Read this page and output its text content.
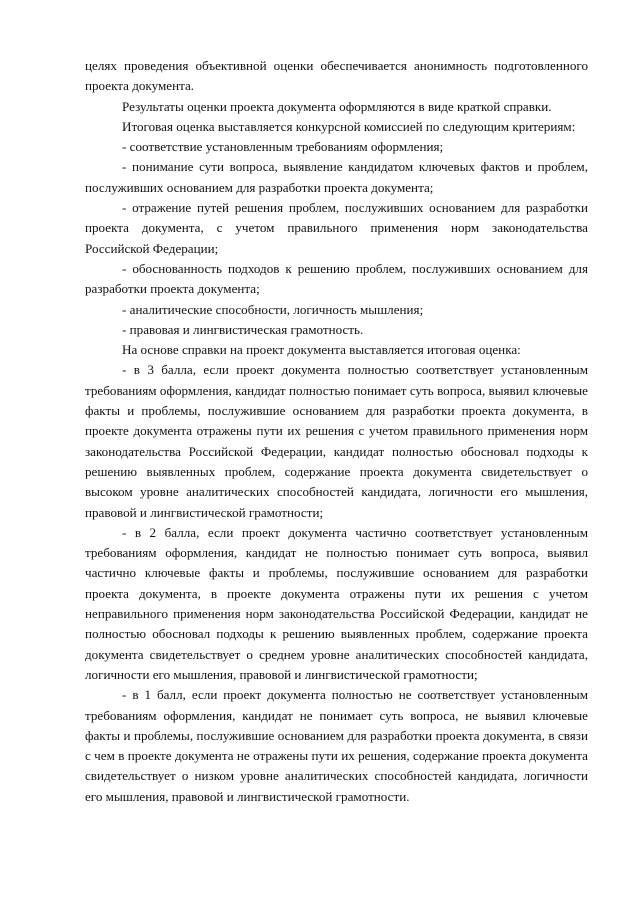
целях проведения объективной оценки обеспечивается анонимность подготовленного проекта документа.

Результаты оценки проекта документа оформляются в виде краткой справки.

Итоговая оценка выставляется конкурсной комиссией по следующим критериям:

- соответствие установленным требованиям оформления;

- понимание сути вопроса, выявление кандидатом ключевых фактов и проблем, послуживших основанием для разработки проекта документа;

- отражение путей решения проблем, послуживших основанием для разработки проекта документа, с учетом правильного применения норм законодательства Российской Федерации;

- обоснованность подходов к решению проблем, послуживших основанием для разработки проекта документа;

- аналитические способности, логичность мышления;

- правовая и лингвистическая грамотность.

На основе справки на проект документа выставляется итоговая оценка:

- в 3 балла, если проект документа полностью соответствует установленным требованиям оформления, кандидат полностью понимает суть вопроса, выявил ключевые факты и проблемы, послужившие основанием для разработки проекта документа, в проекте документа отражены пути их решения с учетом правильного применения норм законодательства Российской Федерации, кандидат полностью обосновал подходы к решению выявленных проблем, содержание проекта документа свидетельствует о высоком уровне аналитических способностей кандидата, логичности его мышления, правовой и лингвистической грамотности;

- в 2 балла, если проект документа частично соответствует установленным требованиям оформления, кандидат не полностью понимает суть вопроса, выявил частично ключевые факты и проблемы, послужившие основанием для разработки проекта документа, в проекте документа отражены пути их решения с учетом неправильного применения норм законодательства Российской Федерации, кандидат не полностью обосновал подходы к решению выявленных проблем, содержание проекта документа свидетельствует о среднем уровне аналитических способностей кандидата, логичности его мышления, правовой и лингвистической грамотности;

- в 1 балл, если проект документа полностью не соответствует установленным требованиям оформления, кандидат не понимает суть вопроса, не выявил ключевые факты и проблемы, послужившие основанием для разработки проекта документа, в связи с чем в проекте документа не отражены пути их решения, содержание проекта документа свидетельствует о низком уровне аналитических способностей кандидата, логичности его мышления, правовой и лингвистической грамотности.
